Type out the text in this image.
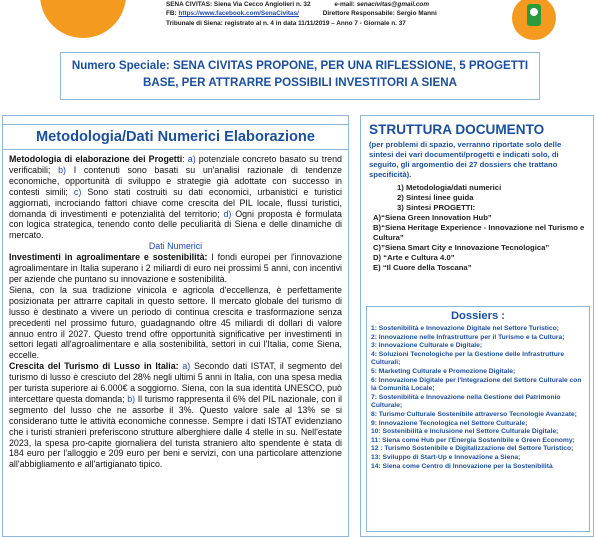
SENA CIVITAS: Siena Via Cecco Angiolieri n. 32	e-mail: senacivitas@gmail.com
FB: https://www.facebook.com/SenaCivitas/	Direttore Responsabile: Sergio Manni
Tribunale di Siena: registrato al n. 4 in data 11/11/2019 – Anno 7 - Giornale n. 37

Numero Speciale: SENA CIVITAS PROPONE, PER UNA RIFLESSIONE, 5 PROGETTI BASE, PER ATTRARRE POSSIBILI INVESTITORI A SIENA

Metodologia/Dati Numerici Elaborazione

Metodologia di elaborazione dei Progetti: a) potenziale concreto basato su trend verificabili; b) I contenuti sono basati su un'analisi razionale di tendenze economiche, opportunità di sviluppo e strategie già adottate con successo in contesti simili; c) Sono stati costruiti su dati economici, urbanistici e turistici aggiornati, incrociando fattori chiave come crescita del PIL locale, flussi turistici, domanda di investimenti e potenzialità del territorio; d) Ogni proposta è formulata con logica strategica, tenendo conto delle peculiarità di Siena e delle dinamiche di mercato.
Dati Numerici
Investimenti in agroalimentare e sostenibilità: I fondi europei per l'innovazione agroalimentare in Italia superano i 2 miliardi di euro nei prossimi 5 anni, con incentivi per aziende che puntano su innovazione e sostenibilità.
Siena, con la sua tradizione vinicola e agricola d'eccellenza, è perfettamente posizionata per attrarre capitali in questo settore. Il mercato globale del turismo di lusso è destinato a vivere un periodo di continua crescita e trasformazione senza precedenti nel prossimo futuro, guadagnando oltre 45 miliardi di dollari di valore annuo entro il 2027. Questo trend offre opportunità significative per investimenti in settori legati all'agroalimentare e alla sostenibilità, settori in cui l'Italia, come Siena, eccelle.
Crescita del Turismo di Lusso in Italia: a) Secondo dati ISTAT, il segmento del turismo di lusso è cresciuto del 28% negli ultimi 5 anni in Italia, con una spesa media per turista superiore ai 6.000€ a soggiorno. Siena, con la sua identità UNESCO, può intercettare questa domanda; b) Il turismo rappresenta il 6% del PIL nazionale, con il segmento del lusso che ne assorbe il 3%. Questo valore sale al 13% se si considerano tutte le attività economiche connesse. Sempre i dati ISTAT evidenziano che i turisti stranieri preferiscono strutture alberghiere dalle 4 stelle in su. Nell'estate 2023, la spesa pro-capite giornaliera del turista straniero alto spendente è stata di 184 euro per l'alloggio e 209 euro per beni e servizi, con una particolare attenzione all'abbigliamento e all'artigianato tipico.

STRUTTURA DOCUMENTO
(per problemi di spazio, verranno riportate solo delle sintesi dei vari documenti/progetti e indicati solo, di seguito, gli argomentio dei 27 dossiers che trattano specificità).
1) Metodologia/dati numerici
2) Sintesi linee guida
3) Sintesi PROGETTI:
A)“Siena Green Innovation Hub”
B)“Siena Heritage Experience - Innovazione nel Turismo e Cultura”
C)”Siena Smart City e Innovazione Tecnologica”
D) “Arte e Cultura 4.0”
E) “Il Cuore della Toscana”
Dossiers :
1: Sostenibilità e Innovazione Digitale nel Settore Turistico;
2: Innovazione nelle Infrastrutture per il Turismo e la Cultura;
3: Innovazione Culturale e Digitale;
4: Soluzioni Tecnologiche per la Gestione delle Infrastrutture Culturali;
5: Marketing Culturale e Promozione Digitale;
6: Innovazione Digitale per l'Integrazione del Settore Culturale con la Comunità Locale;
7: Sostenibilità e Innovazione nella Gestione del Patrimonio Culturale;
8: Turismo Culturale Sostenibile attraverso Tecnologie Avanzate;
9: Innovazione Tecnologica nel Settore Culturale;
10: Sostenibilità e Inclusione nel Settore Culturale Digitale;
11: Siena come Hub per l'Energia Sostenibile e Green Economy;
12 : Turismo Sostenibile e Digitalizzazione del Settore Turistico;
13: Sviluppo di Start-Up e Innovazione a Siena;
14: Siena come Centro di Innovazione per la Sostenibilità
